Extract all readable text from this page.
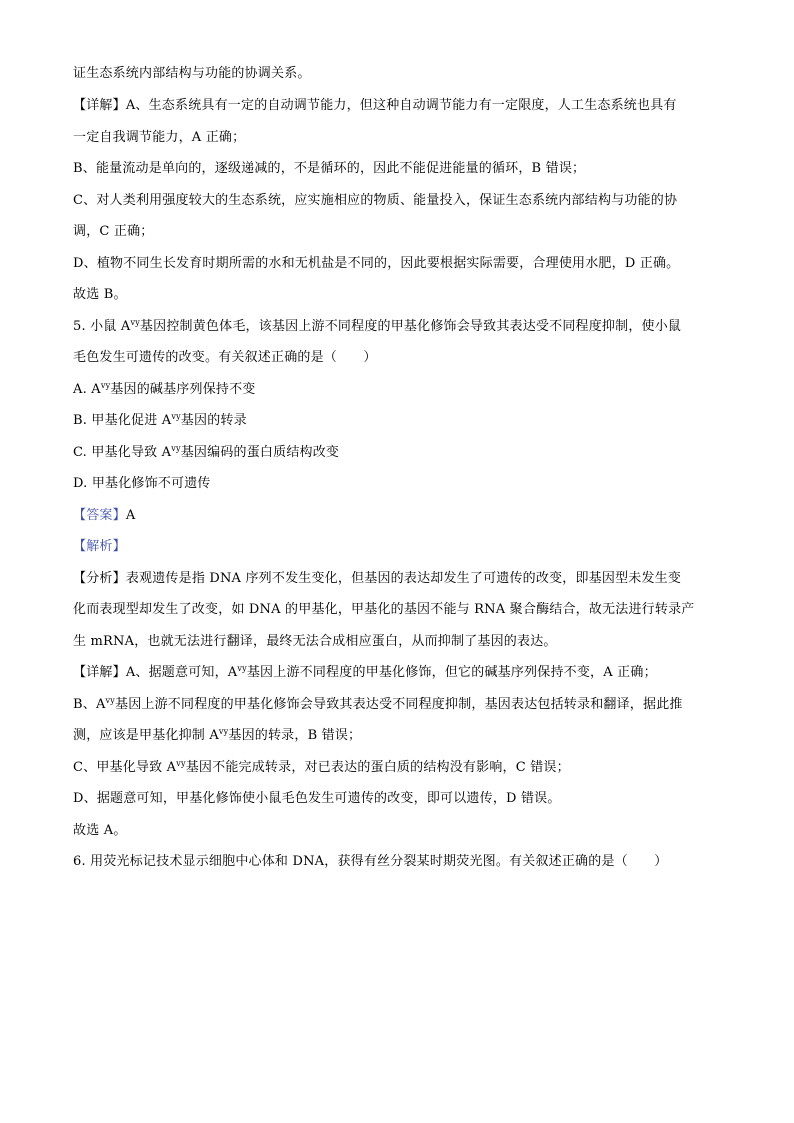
证生态系统内部结构与功能的协调关系。
【详解】A、生态系统具有一定的自动调节能力，但这种自动调节能力有一定限度，人工生态系统也具有
一定自我调节能力，A 正确；
B、能量流动是单向的，逐级递减的，不是循环的，因此不能促进能量的循环，B 错误；
C、对人类利用强度较大的生态系统，应实施相应的物质、能量投入，保证生态系统内部结构与功能的协
调，C 正确；
D、植物不同生长发育时期所需的水和无机盐是不同的，因此要根据实际需要，合理使用水肥，D 正确。
故选 B。
5. 小鼠 $A^{vy}$基因控制黄色体毛，该基因上游不同程度的甲基化修饰会导致其表达受不同程度抑制，使小鼠
毛色发生可遗传的改变。有关叙述正确的是（　　）
A. $A^{vy}$基因的碱基序列保持不变
B. 甲基化促进 $A^{vy}$基因的转录
C. 甲基化导致 $A^{vy}$基因编码的蛋白质结构改变
D. 甲基化修饰不可遗传
【答案】A
【解析】
【分析】表观遗传是指 DNA 序列不发生变化，但基因的表达却发生了可遗传的改变，即基因型未发生变
化而表现型却发生了改变，如 DNA 的甲基化，甲基化的基因不能与 RNA 聚合酶结合，故无法进行转录产
生 mRNA，也就无法进行翻译，最终无法合成相应蛋白，从而抑制了基因的表达。
【详解】A、据题意可知，$A^{vy}$基因上游不同程度的甲基化修饰，但它的碱基序列保持不变，A 正确；
B、$A^{vy}$基因上游不同程度的甲基化修饰会导致其表达受不同程度抑制，基因表达包括转录和翻译，据此推
测，应该是甲基化抑制 $A^{vy}$基因的转录，B 错误；
C、甲基化导致 $A^{vy}$基因不能完成转录，对已表达的蛋白质的结构没有影响，C 错误；
D、据题意可知，甲基化修饰使小鼠毛色发生可遗传的改变，即可以遗传，D 错误。
故选 A。
6. 用荧光标记技术显示细胞中心体和 DNA，获得有丝分裂某时期荧光图。有关叙述正确的是（　　）
